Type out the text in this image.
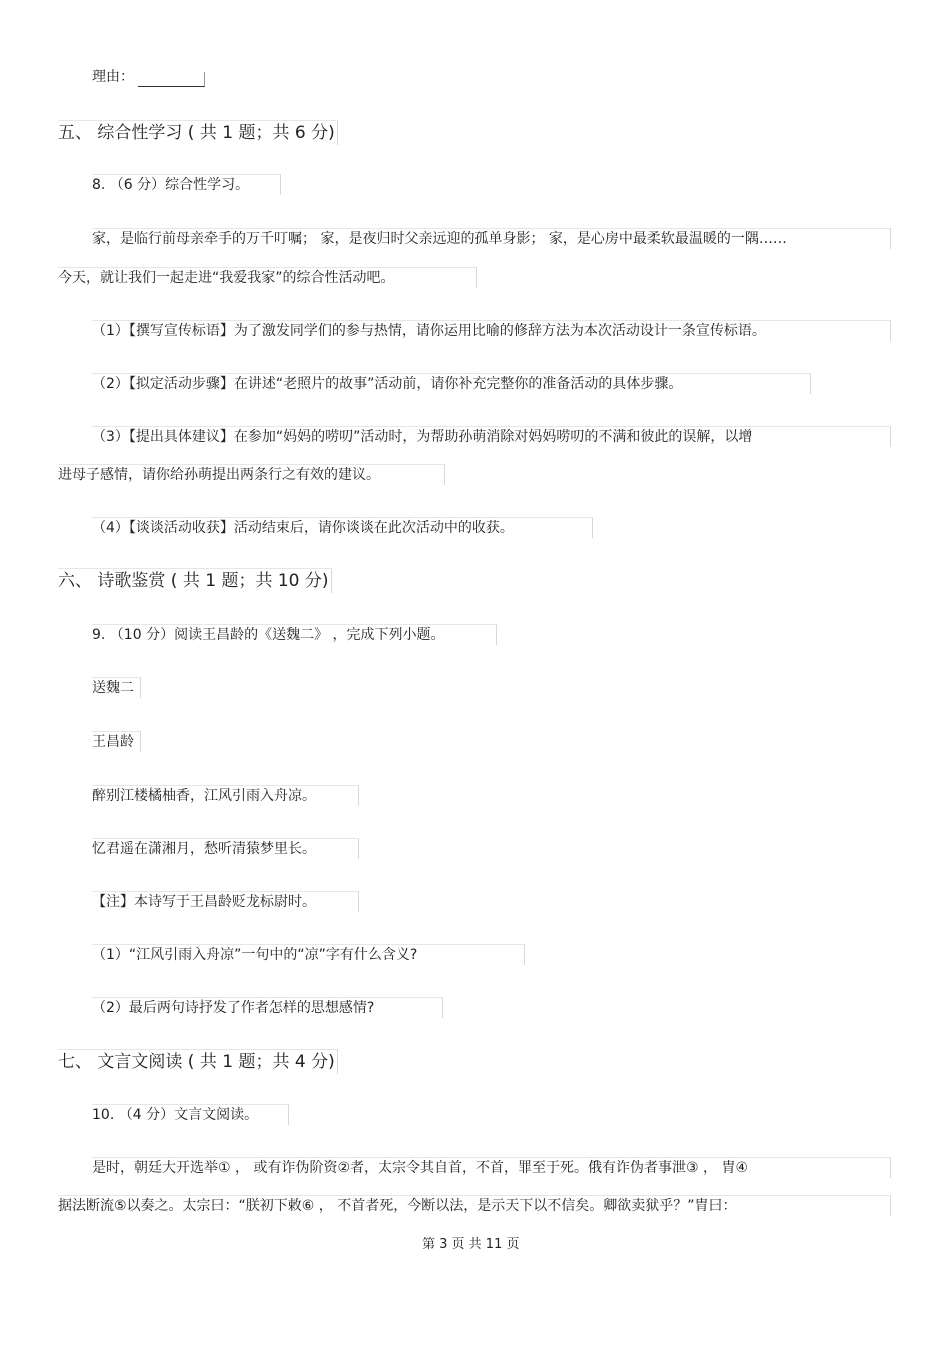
理由：
五、 综合性学习 ( 共 1 题；共 6 分)
8. （6 分）综合性学习。
家，是临行前母亲牵手的万千叮嘱； 家，是夜归时父亲远迎的孤单身影； 家，是心房中最柔软最温暖的一隅……
今天，就让我们一起走进“我爱我家”的综合性活动吧。
（1）【撰写宣传标语】为了激发同学们的参与热情，请你运用比喻的修辞方法为本次活动设计一条宣传标语。
（2）【拟定活动步骤】在讲述“老照片的故事”活动前，请你补充完整你的准备活动的具体步骤。
（3）【提出具体建议】在参加“妈妈的唠叨”活动时，为帮助孙萌消除对妈妈唠叨的不满和彼此的误解，以增
进母子感情，请你给孙萌提出两条行之有效的建议。
（4）【谈谈活动收获】活动结束后，请你谈谈在此次活动中的收获。
六、 诗歌鉴赏 ( 共 1 题；共 10 分)
9. （10 分）阅读王昌龄的《送魏二》 ，完成下列小题。
送魏二
王昌龄
醉别江楼橘柚香，江风引雨入舟凉。
忆君遥在潇湘月，愁听清猿梦里长。
【注】本诗写于王昌龄贬龙标尉时。
（1）“江风引雨入舟凉”一句中的“凉”字有什么含义?
（2）最后两句诗抒发了作者怎样的思想感情?
七、 文言文阅读 ( 共 1 题；共 4 分)
10. （4 分）文言文阅读。
是时，朝廷大开选举① ， 或有诈伪阶资②者，太宗令其自首，不首，罪至于死。俄有诈伪者事泄③ ， 胄④
据法断流⑤以奏之。太宗曰：“朕初下敕⑥ ， 不首者死，今断以法，是示天下以不信矣。卿欲卖狱乎？”胄曰：
第 3 页 共 11 页
